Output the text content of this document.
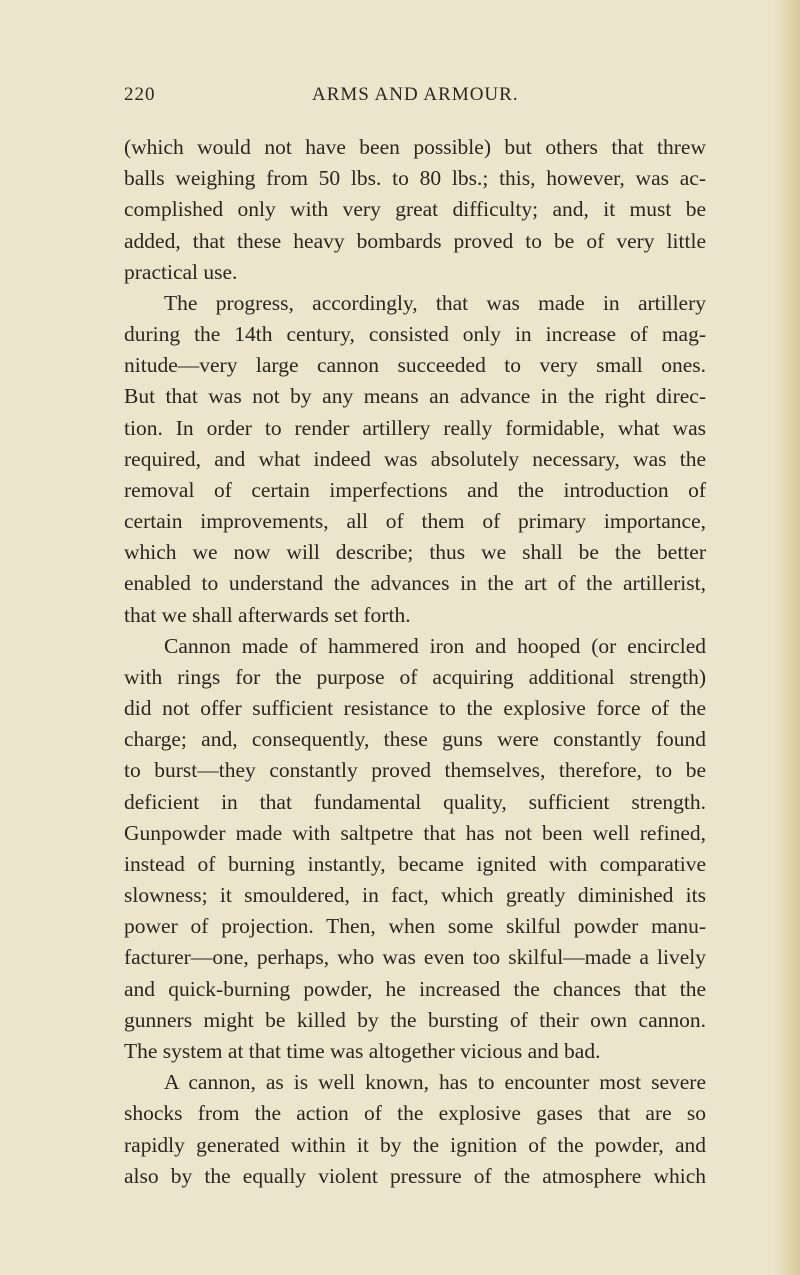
220	ARMS AND ARMOUR.
(which would not have been possible) but others that threw
balls weighing from 50 lbs. to 80 lbs.; this, however, was ac-
complished only with very great difficulty; and, it must be
added, that these heavy bombards proved to be of very little
practical use.
The progress, accordingly, that was made in artillery
during the 14th century, consisted only in increase of mag-
nitude—very large cannon succeeded to very small ones.
But that was not by any means an advance in the right direc-
tion. In order to render artillery really formidable, what was
required, and what indeed was absolutely necessary, was the
removal of certain imperfections and the introduction of
certain improvements, all of them of primary importance,
which we now will describe; thus we shall be the better
enabled to understand the advances in the art of the artillerist,
that we shall afterwards set forth.
Cannon made of hammered iron and hooped (or encircled
with rings for the purpose of acquiring additional strength)
did not offer sufficient resistance to the explosive force of the
charge; and, consequently, these guns were constantly found
to burst—they constantly proved themselves, therefore, to be
deficient in that fundamental quality, sufficient strength.
Gunpowder made with saltpetre that has not been well refined,
instead of burning instantly, became ignited with comparative
slowness; it smouldered, in fact, which greatly diminished its
power of projection. Then, when some skilful powder manu-
facturer—one, perhaps, who was even too skilful—made a lively
and quick-burning powder, he increased the chances that the
gunners might be killed by the bursting of their own cannon.
The system at that time was altogether vicious and bad.
A cannon, as is well known, has to encounter most severe
shocks from the action of the explosive gases that are so
rapidly generated within it by the ignition of the powder, and
also by the equally violent pressure of the atmosphere which
